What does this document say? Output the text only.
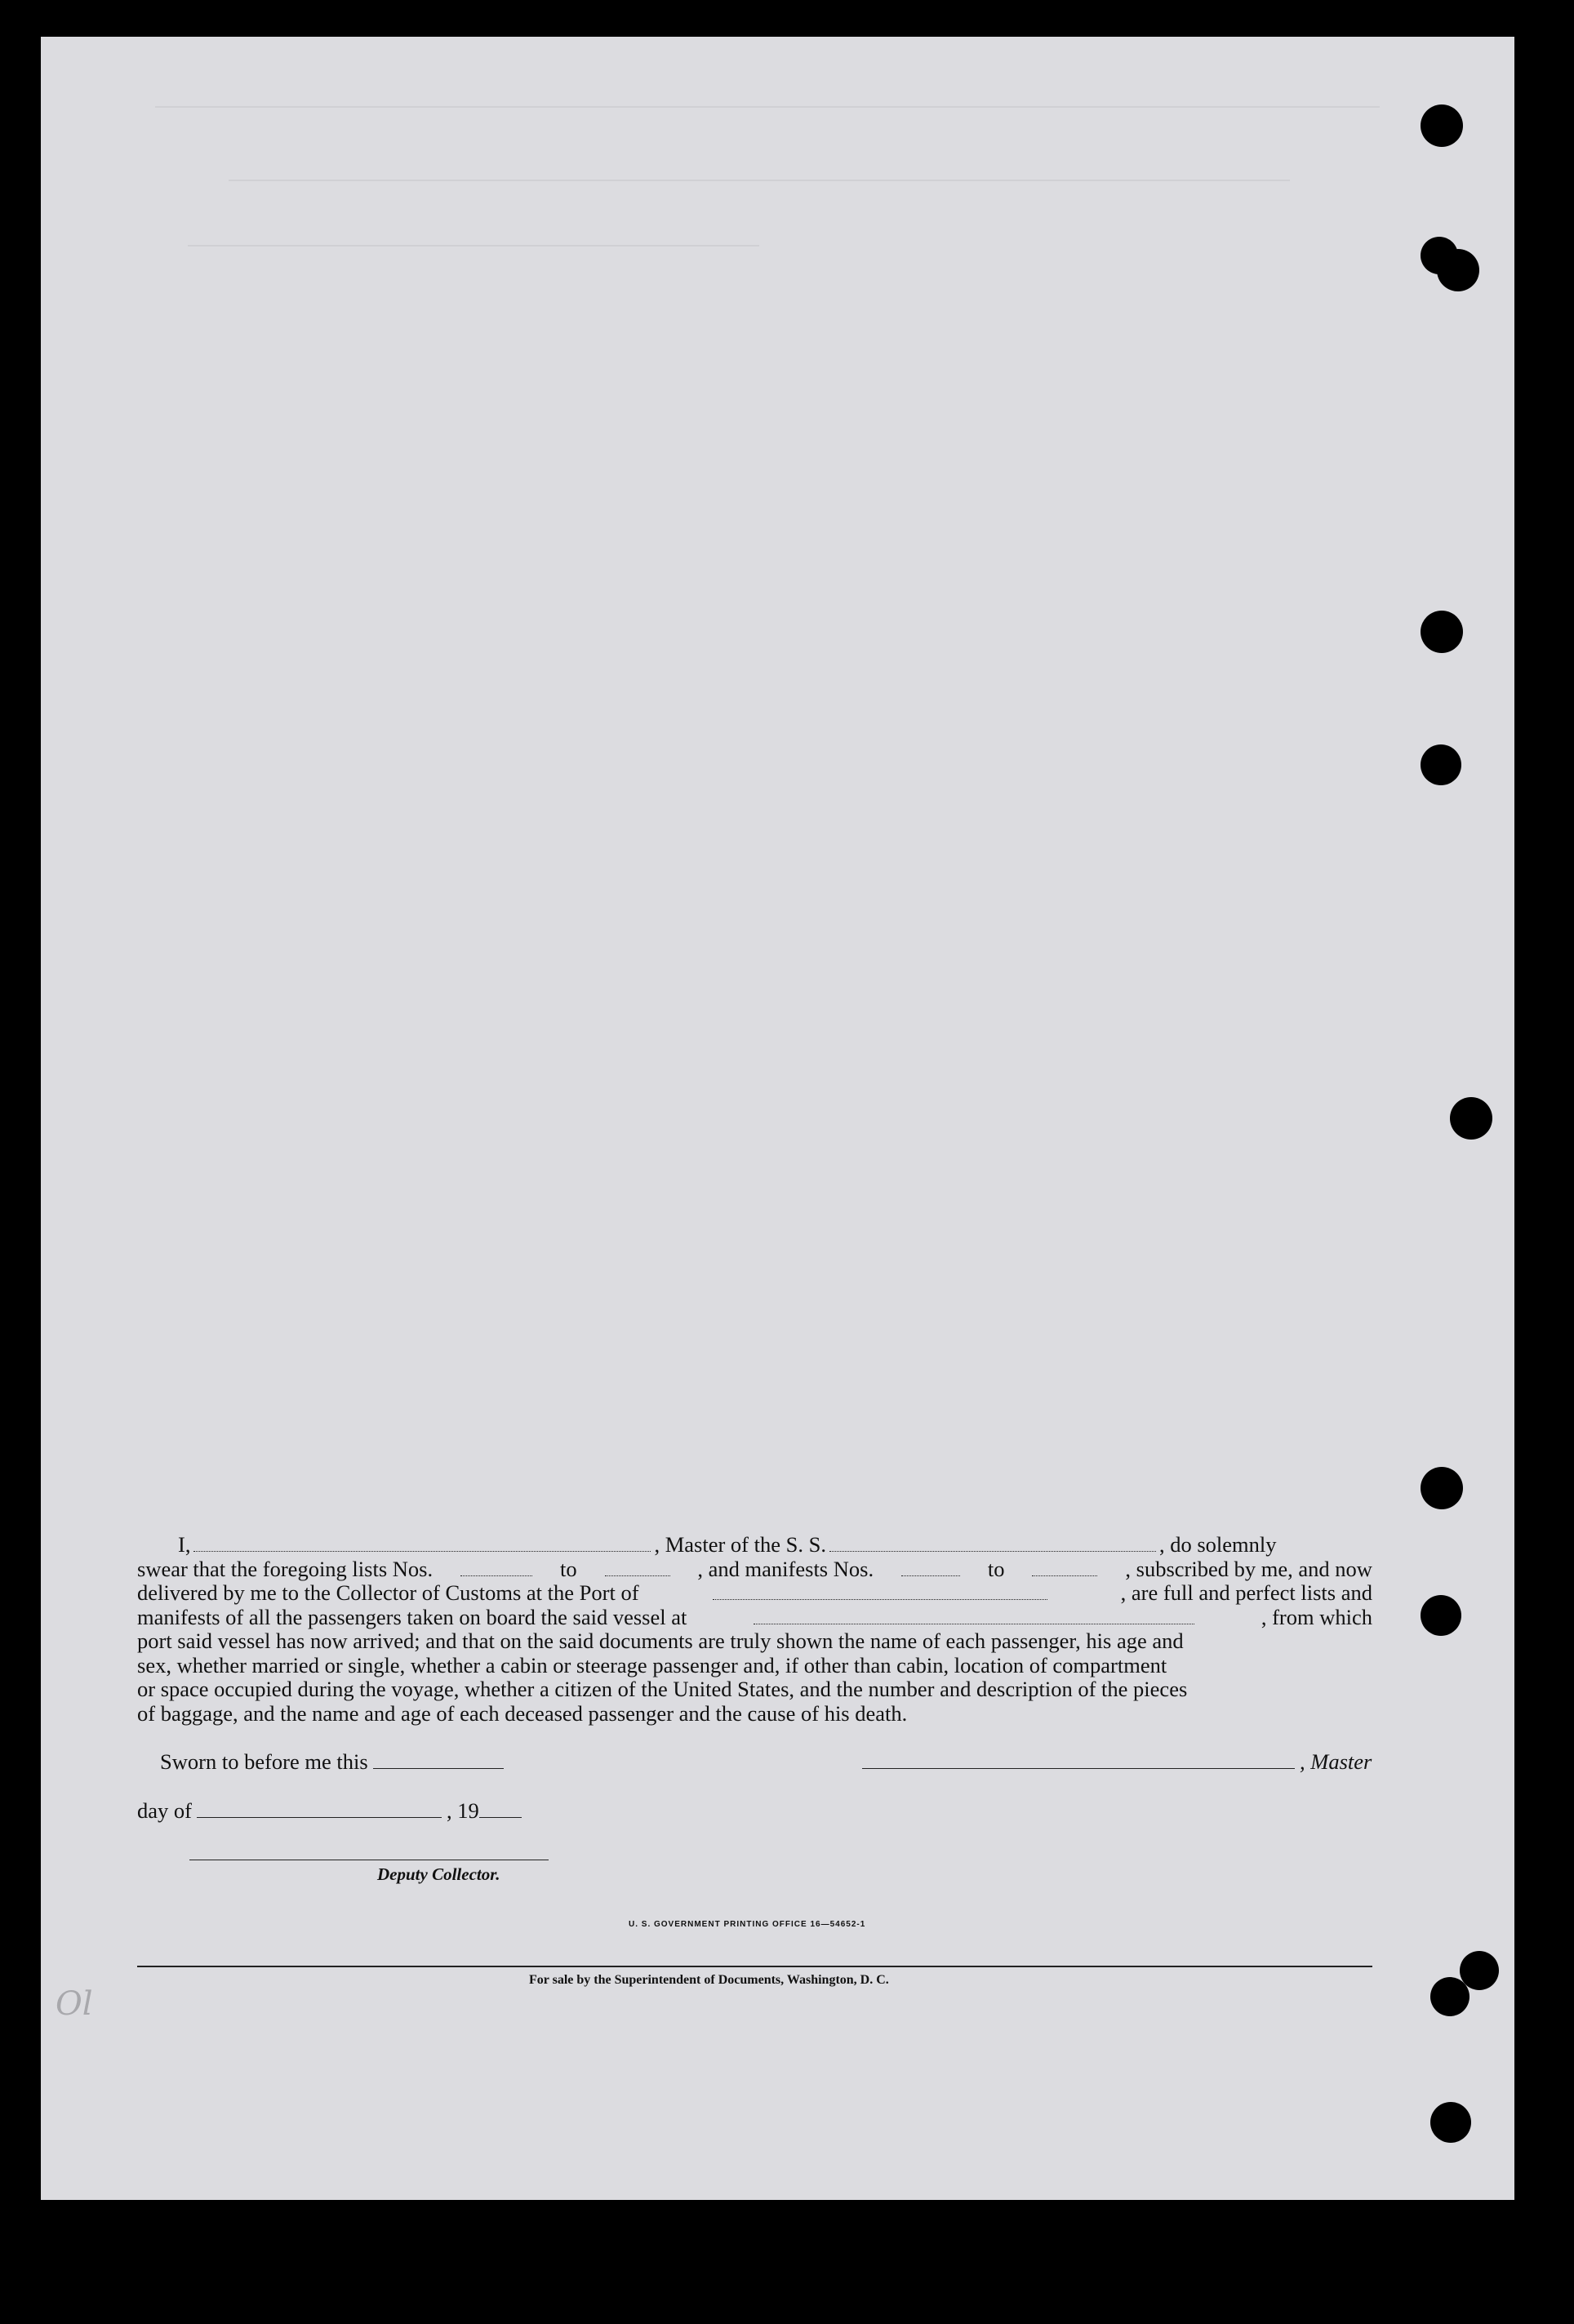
I,	, Master of the S. S.	, do solemnly
swear that the foregoing lists Nos.	to	, and manifests Nos.	to	, subscribed by me, and now
delivered by me to the Collector of Customs at the Port of	, are full and perfect lists and
manifests of all the passengers taken on board the said vessel at	, from which
port said vessel has now arrived; and that on the said documents are truly shown the name of each passenger, his age and
sex, whether married or single, whether a cabin or steerage passenger and, if other than cabin, location of compartment
or space occupied during the voyage, whether a citizen of the United States, and the number and description of the pieces
of baggage, and the name and age of each deceased passenger and the cause of his death.
Sworn to before me this	, Master
day of	, 19
Deputy Collector.
U. S. GOVERNMENT PRINTING OFFICE 16—54652-1
For sale by the Superintendent of Documents, Washington, D. C.
Ol
